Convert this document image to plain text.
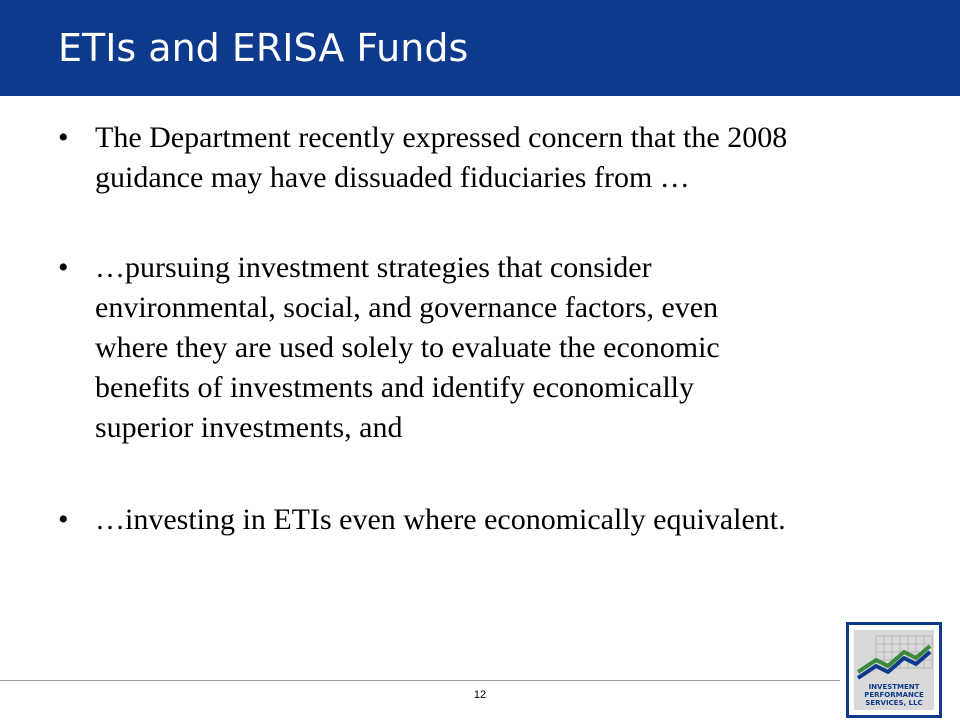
ETIs and ERISA Funds
• The Department recently expressed concern that the 2008
guidance may have dissuaded fiduciaries from …
• …pursuing investment strategies that consider
environmental, social, and governance factors, even
where they are used solely to evaluate the economic
benefits of investments and identify economically
superior investments, and
• …investing in ETIs even where economically equivalent.
12
INVESTMENT
PERFORMANCE
SERVICES, LLC
